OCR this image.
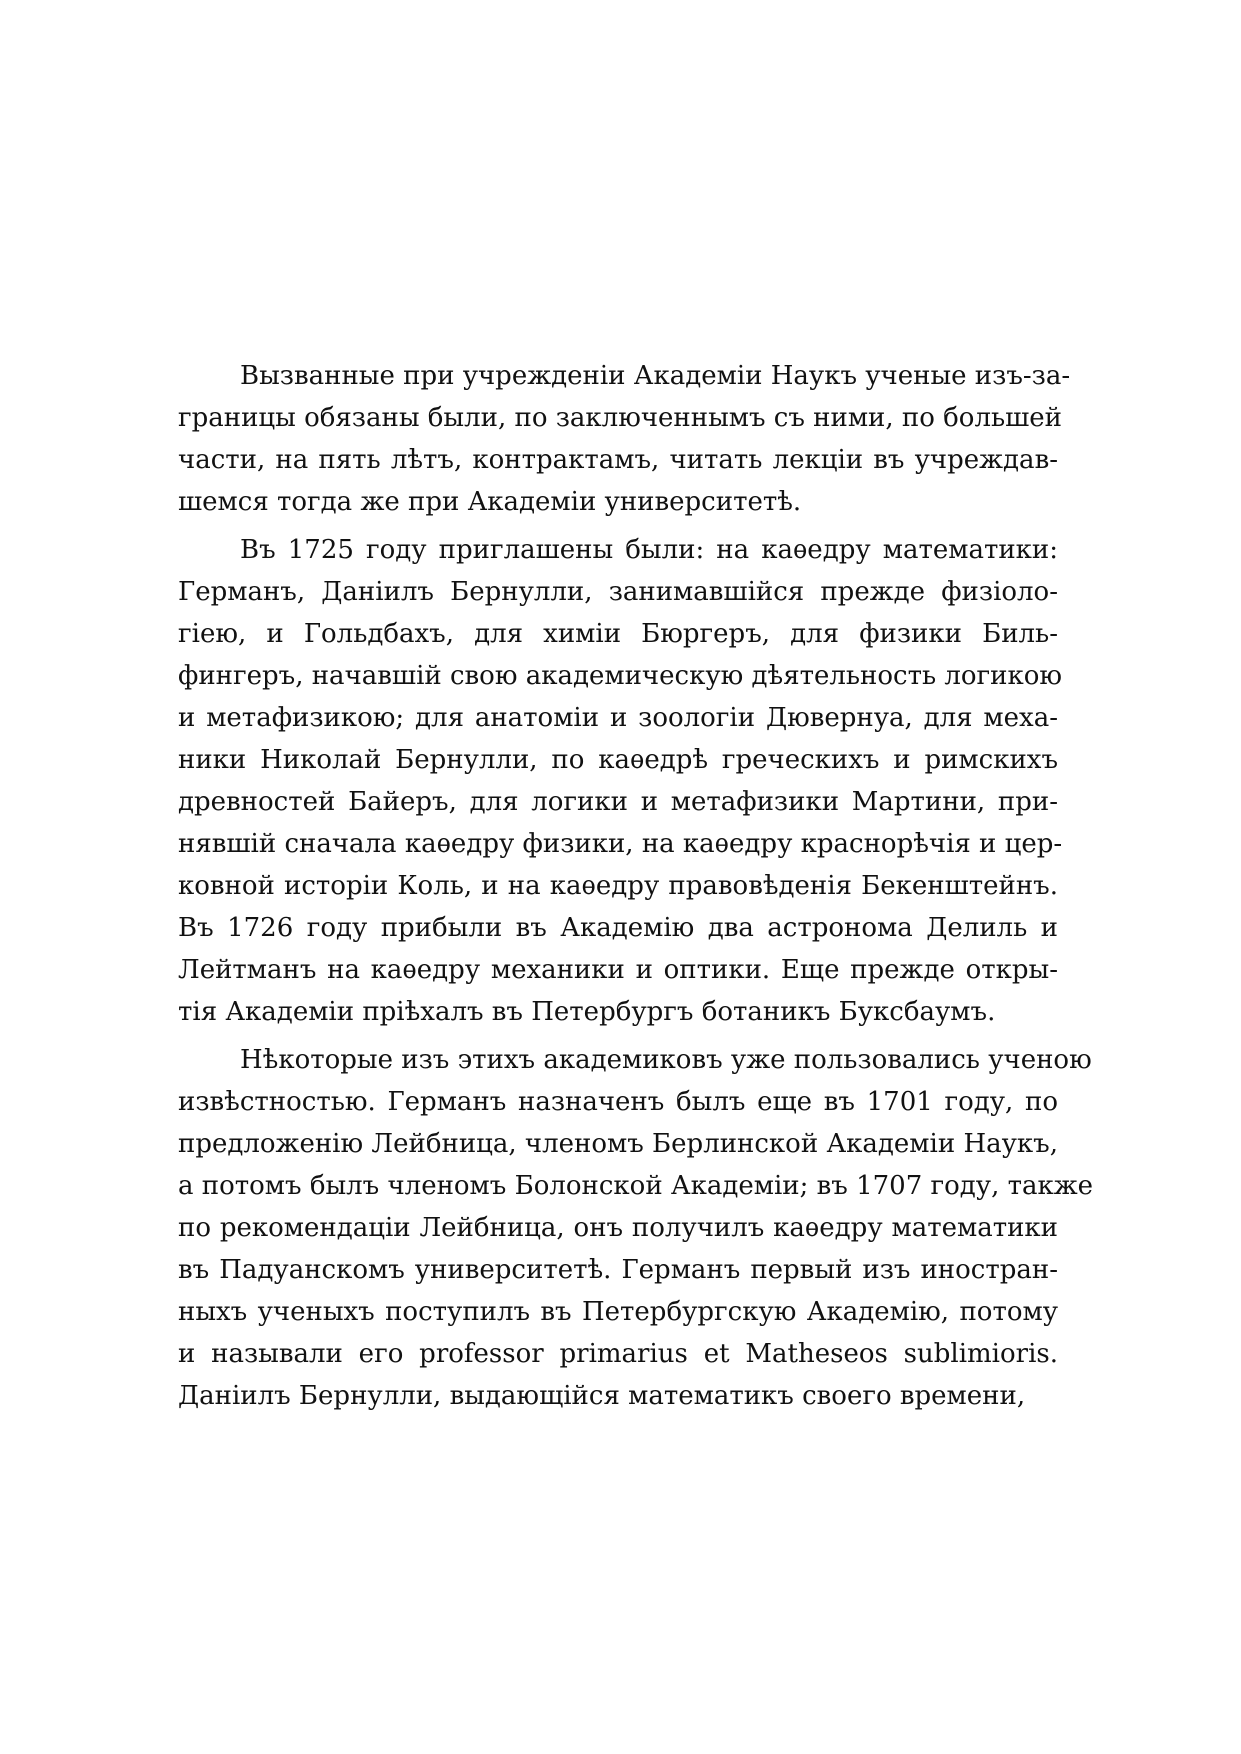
Вызванные при учрежденіи Академіи Наукъ ученые изъ-за-
границы обязаны были, по заключеннымъ съ ними, по большей
части, на пять лѣтъ, контрактамъ, читать лекціи въ учреждав-
шемся тогда же при Академіи университетѣ.
Въ 1725 году приглашены были: на каѳедру математики:
Германъ, Даніилъ Бернулли, занимавшійся прежде физіоло-
гіею, и Гольдбахъ, для химіи Бюргеръ, для физики Биль-
фингеръ, начавшій свою академическую дѣятельность логикою
и метафизикою; для анатоміи и зоологіи Дювернуа, для меха-
ники Николай Бернулли, по каѳедрѣ греческихъ и римскихъ
древностей Байеръ, для логики и метафизики Мартини, при-
нявшій сначала каѳедру физики, на каѳедру краснорѣчія и цер-
ковной исторіи Коль, и на каѳедру правовѣденія Бекенштейнъ.
Въ 1726 году прибыли въ Академію два астронома Делиль и
Лейтманъ на каѳедру механики и оптики. Еще прежде откры-
тія Академіи пріѣхалъ въ Петербургъ ботаникъ Буксбаумъ.
Нѣкоторые изъ этихъ академиковъ уже пользовались ученою
извѣстностью. Германъ назначенъ былъ еще въ 1701 году, по
предложенію Лейбница, членомъ Берлинской Академіи Наукъ,
а потомъ былъ членомъ Болонской Академіи; въ 1707 году, также
по рекомендаціи Лейбница, онъ получилъ каѳедру математики
въ Падуанскомъ университетѣ. Германъ первый изъ иностран-
ныхъ ученыхъ поступилъ въ Петербургскую Академію, потому
и называли его professor primarius et Matheseos sublimioris.
Даніилъ Бернулли, выдающійся математикъ своего времени,
